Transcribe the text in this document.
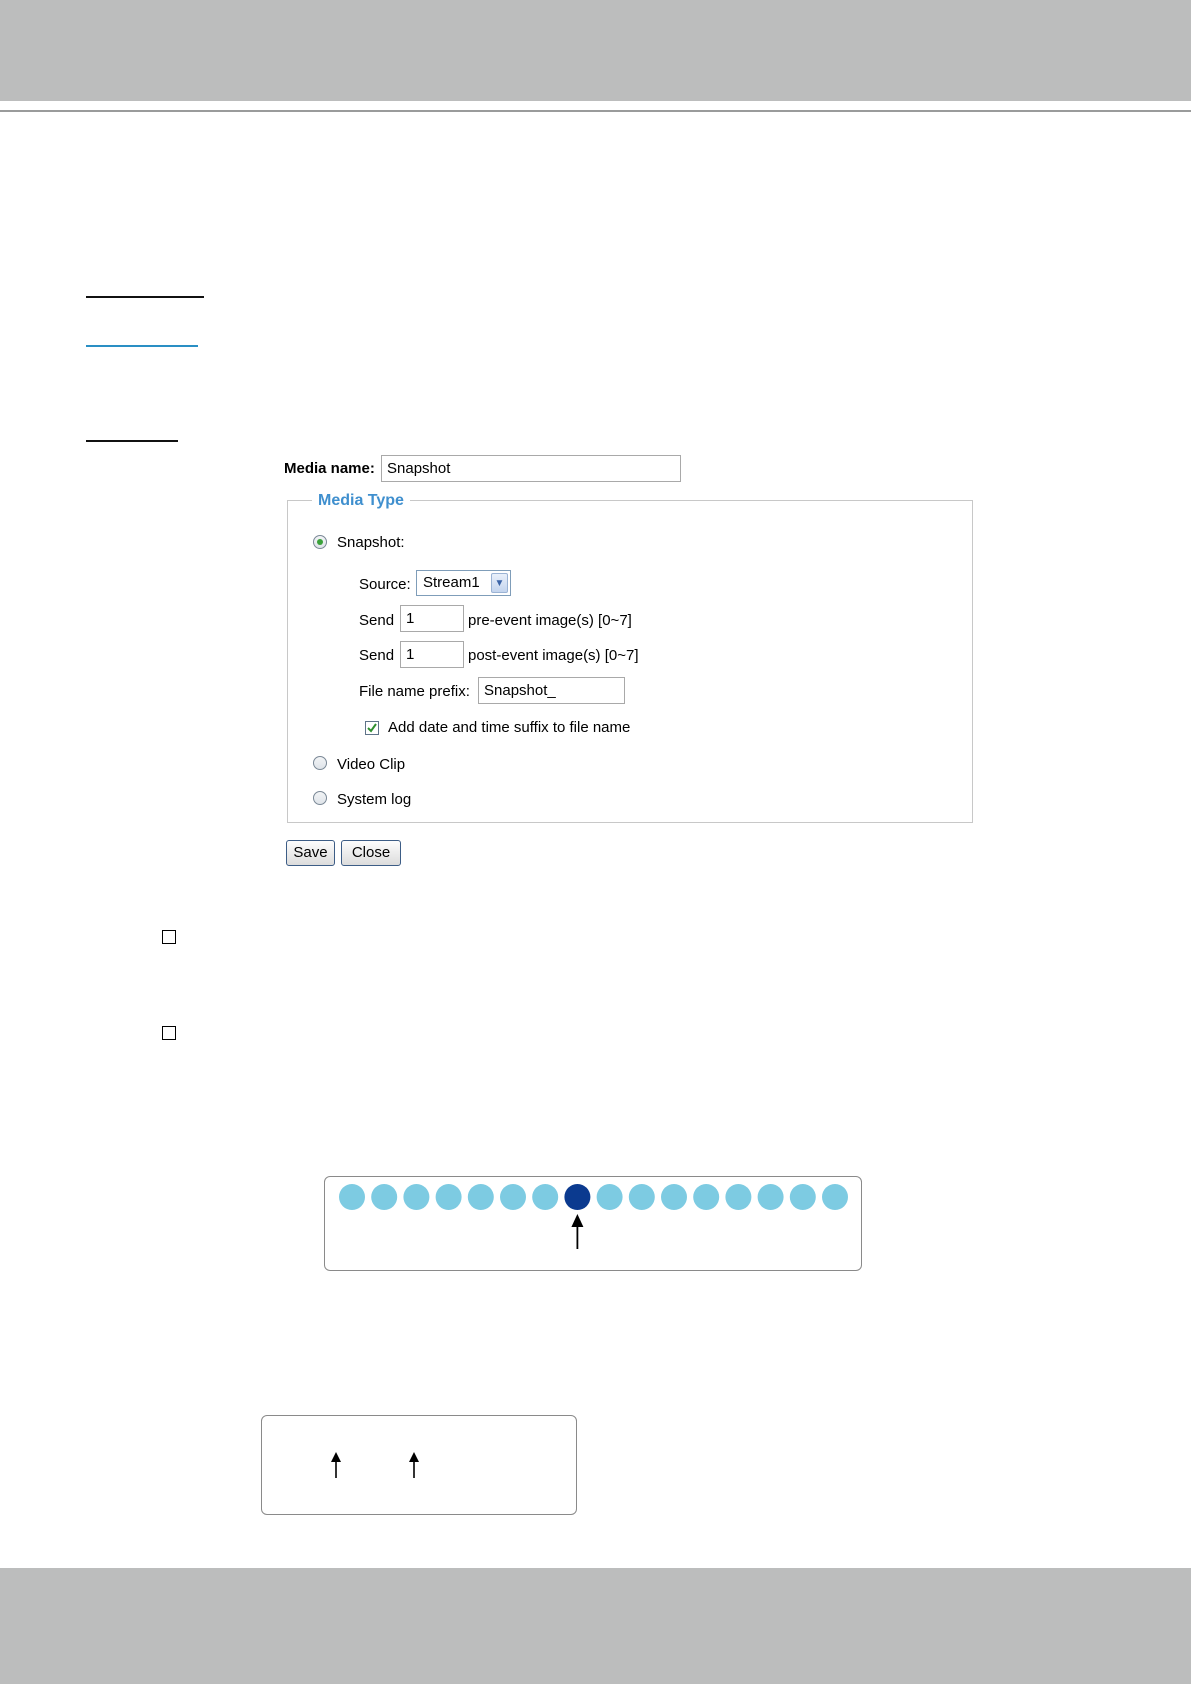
Media name:
Snapshot
Media Type
Snapshot:
Source: Stream1	▼
Send
1	pre-event image(s) [0~7]
Send
1	post-event image(s) [0~7]
File name prefix:
Snapshot_
Add date and time suffix to file name
Video Clip
System log
Save	Close
